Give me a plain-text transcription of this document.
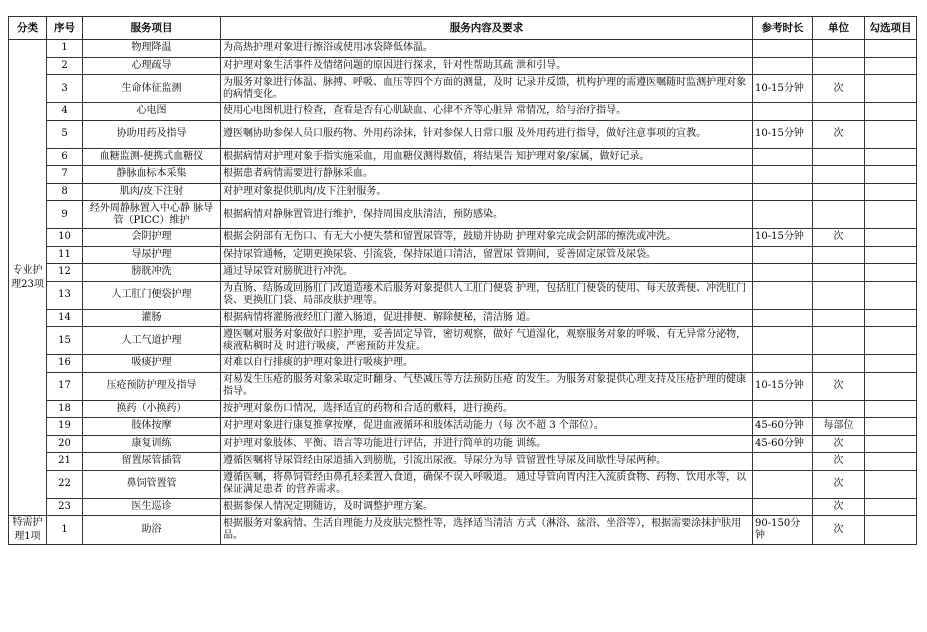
分类	序号	服务项目	服务内容及要求	参考时长	单位	勾选项目
专业护理23项	1	物理降温	为高热护理对象进行擦浴或使用冰袋降低体温。			
	2	心理疏导	对护理对象生活事件及情绪问题的原因进行探求，针对性帮助其疏 泄和引导。			
	3	生命体征监测	为服务对象进行体温、脉搏、呼吸、血压等四个方面的测量，及时 记录并反馈，机构护理的需遵医嘱随时监测护理对象的病情变化。	10-15分钟	次	
	4	心电图	使用心电图机进行检查，查看是否有心肌缺血、心律不齐等心脏异 常情况，给与治疗指导。			
	5	协助用药及指导	遵医嘱协助参保人员口服药物、外用药涂抹，针对参保人日常口服 及外用药进行指导，做好注意事项的宣教。	10-15分钟	次	
	6	血糖监测-便携式血糖仪	根据病情对护理对象手指实施采血，用血糖仪测得数值，将结果告 知护理对象/家属，做好记录。			
	7	静脉血标本采集	根据患者病情需要进行静脉采血。			
	8	肌肉/皮下注射	对护理对象提供肌肉/皮下注射服务。			
	9	经外周静脉置入中心静 脉导管（PICC）维护	根据病情对静脉置管进行维护，保持周围皮肤清洁，预防感染。			
	10	会阴护理	根据会阴部有无伤口、有无大小便失禁和留置尿管等，鼓励并协助 护理对象完成会阴部的擦洗或冲洗。	10-15分钟	次	
	11	导尿护理	保持尿管通畅，定期更换尿袋、引流袋，保持尿道口清洁，留置尿 管期间，妥善固定尿管及尿袋。			
	12	膀胱冲洗	通过导尿管对膀胱进行冲洗。			
	13	人工肛门便袋护理	为直肠、结肠或回肠肛门改道造瘘术后服务对象提供人工肛门便袋 护理，包括肛门便袋的使用、每天放粪便、冲洗肛门袋、更换肛门袋、局部皮肤护理等。			
	14	灌肠	根据病情将灌肠液经肛门灌入肠道，促进排便、解除便秘，清洁肠 道。			
	15	人工气道护理	遵医嘱对服务对象做好口腔护理，妥善固定导管，密切观察，做好 气道湿化，观察服务对象的呼吸、有无异常分泌物，痰液粘稠时及 时进行吸痰，严密预防并发症。			
	16	吸痰护理	对难以自行排痰的护理对象进行吸痰护理。			
	17	压疮预防护理及指导	对易发生压疮的服务对象采取定时翻身、气垫减压等方法预防压疮 的发生。为服务对象提供心理支持及压疮护理的健康指导。	10-15分钟	次	
	18	换药（小换药）	按护理对象伤口情况，选择适宜的药物和合适的敷料，进行换药。			
	19	肢体按摩	对护理对象进行康复推拿按摩，促进血液循环和肢体活动能力（每 次不超 3 个部位）。	45-60分钟	每部位	
	20	康复训练	对护理对象肢体、平衡、语言等功能进行评估，并进行简单的功能 训练。	45-60分钟	次	
	21	留置尿管插管	遵循医嘱将导尿管经由尿道插入到膀胱，引流出尿液。导尿分为导 管留置性导尿及间歇性导尿两种。		次	
	22	鼻饲管置管	遵循医嘱，将鼻饲管经由鼻孔轻柔置入食道，确保不误入呼吸道。 通过导管向胃内注入流质食物、药物、饮用水等，以保证满足患者 的营养需求。		次	
	23	医生巡诊	根据参保人情况定期随访，及时调整护理方案。		次	
特需护理1项	1	助浴	根据服务对象病情、生活自理能力及皮肤完整性等，选择适当清洁 方式（淋浴、盆浴、坐浴等），根据需要涂抹护肤用品。	90-150分钟	次	
